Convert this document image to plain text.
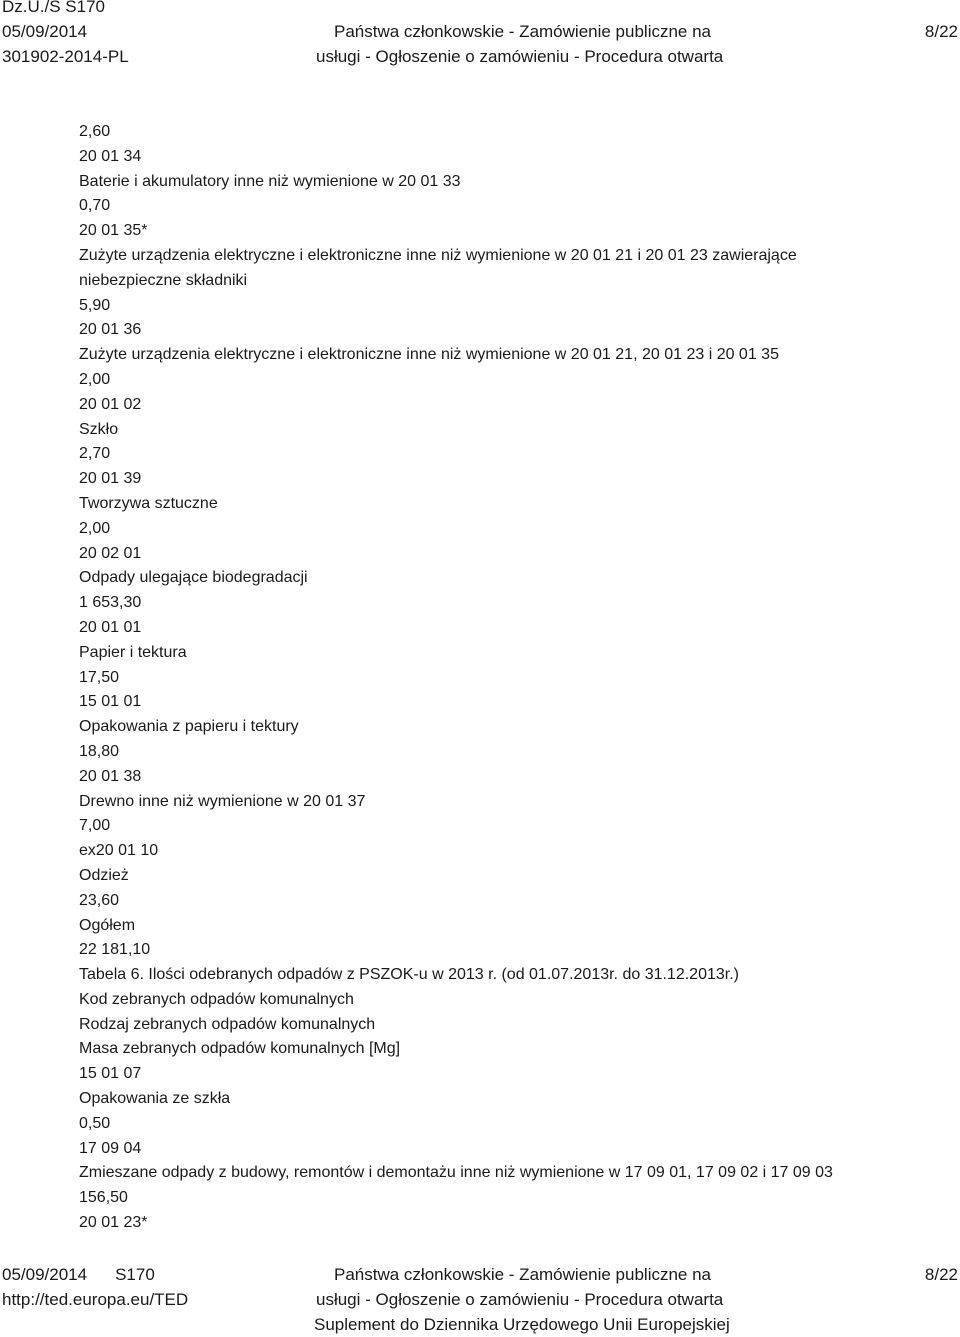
Dz.U./S S170
05/09/2014
301902-2014-PL
Państwa członkowskie - Zamówienie publiczne na
usługi - Ogłoszenie o zamówieniu - Procedura otwarta
8/22
2,60
20 01 34
Baterie i akumulatory inne niż wymienione w 20 01 33
0,70
20 01 35*
Zużyte urządzenia elektryczne i elektroniczne inne niż wymienione w 20 01 21 i 20 01 23 zawierające
niebezpieczne składniki
5,90
20 01 36
Zużyte urządzenia elektryczne i elektroniczne inne niż wymienione w 20 01 21, 20 01 23 i 20 01 35
2,00
20 01 02
Szkło
2,70
20 01 39
Tworzywa sztuczne
2,00
20 02 01
Odpady ulegające biodegradacji
1 653,30
20 01 01
Papier i tektura
17,50
15 01 01
Opakowania z papieru i tektury
18,80
20 01 38
Drewno inne niż wymienione w 20 01 37
7,00
ex20 01 10
Odzież
23,60
Ogółem
22 181,10
Tabela 6. Ilości odebranych odpadów z PSZOK-u w 2013 r. (od 01.07.2013r. do 31.12.2013r.)
Kod zebranych odpadów komunalnych
Rodzaj zebranych odpadów komunalnych
Masa zebranych odpadów komunalnych [Mg]
15 01 07
Opakowania ze szkła
0,50
17 09 04
Zmieszane odpady z budowy, remontów i demontażu inne niż wymienione w 17 09 01, 17 09 02 i 17 09 03
156,50
20 01 23*
05/09/2014 S170
http://ted.europa.eu/TED
Państwa członkowskie - Zamówienie publiczne na
usługi - Ogłoszenie o zamówieniu - Procedura otwarta
Suplement do Dziennika Urzędowego Unii Europejskiej
8/22
